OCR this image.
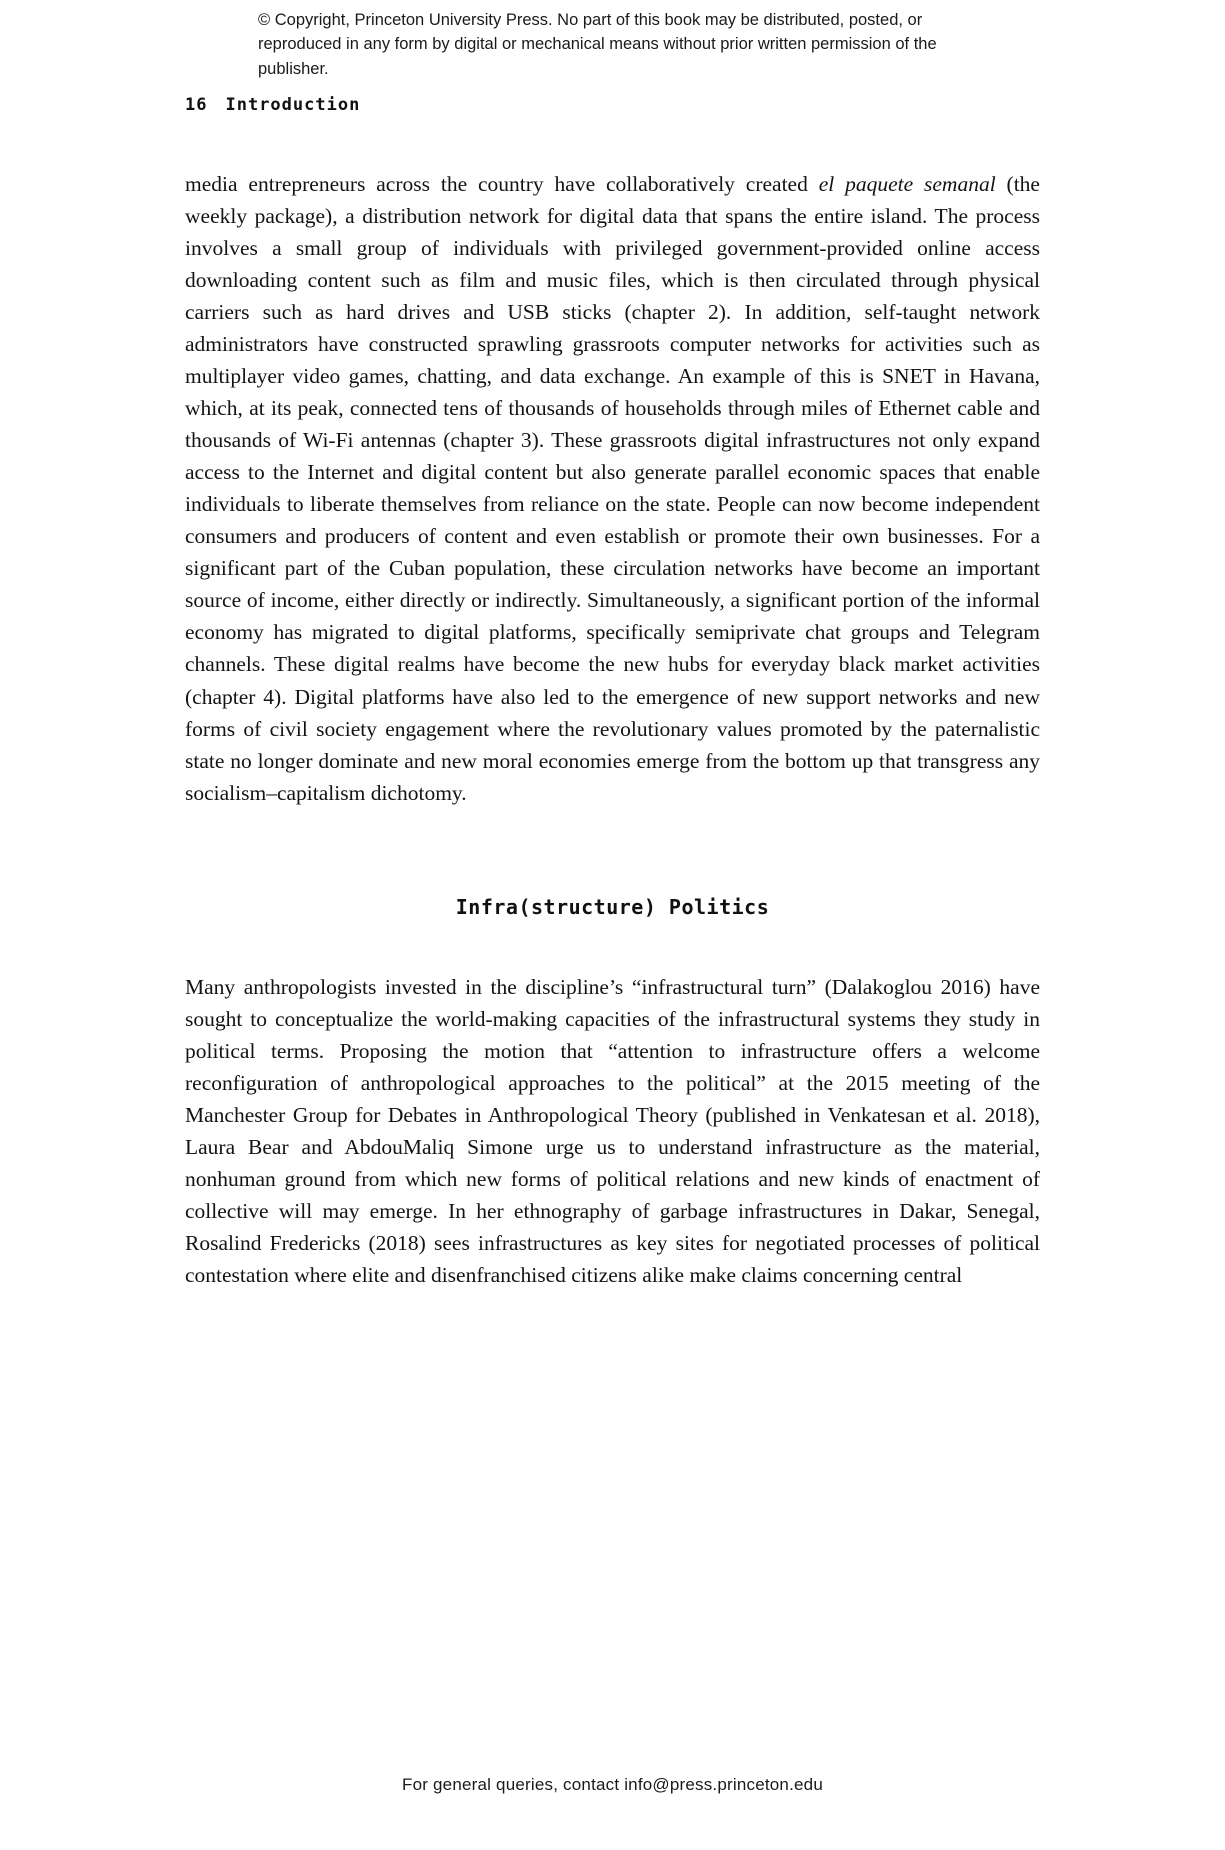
© Copyright, Princeton University Press. No part of this book may be distributed, posted, or reproduced in any form by digital or mechanical means without prior written permission of the publisher.
16 Introduction

media entrepreneurs across the country have collaboratively created el paquete semanal (the weekly package), a distribution network for digital data that spans the entire island. The process involves a small group of individuals with privileged government-provided online access downloading content such as film and music files, which is then circulated through physical carriers such as hard drives and USB sticks (chapter 2). In addition, self-taught network administrators have constructed sprawling grassroots computer networks for activities such as multiplayer video games, chatting, and data exchange. An example of this is SNET in Havana, which, at its peak, connected tens of thousands of households through miles of Ethernet cable and thousands of Wi-Fi antennas (chapter 3). These grassroots digital infrastructures not only expand access to the Internet and digital content but also generate parallel economic spaces that enable individuals to liberate themselves from reliance on the state. People can now become independent consumers and producers of content and even establish or promote their own businesses. For a significant part of the Cuban population, these circulation networks have become an important source of income, either directly or indirectly. Simultaneously, a significant portion of the informal economy has migrated to digital platforms, specifically semiprivate chat groups and Telegram channels. These digital realms have become the new hubs for everyday black market activities (chapter 4). Digital platforms have also led to the emergence of new support networks and new forms of civil society engagement where the revolutionary values promoted by the paternalistic state no longer dominate and new moral economies emerge from the bottom up that transgress any socialism–capitalism dichotomy.

Infra(structure) Politics

Many anthropologists invested in the discipline’s “infrastructural turn” (Dalakoglou 2016) have sought to conceptualize the world-making capacities of the infrastructural systems they study in political terms. Proposing the motion that “attention to infrastructure offers a welcome reconfiguration of anthropological approaches to the political” at the 2015 meeting of the Manchester Group for Debates in Anthropological Theory (published in Venkatesan et al. 2018), Laura Bear and AbdouMaliq Simone urge us to understand infrastructure as the material, nonhuman ground from which new forms of political relations and new kinds of enactment of collective will may emerge. In her ethnography of garbage infrastructures in Dakar, Senegal, Rosalind Fredericks (2018) sees infrastructures as key sites for negotiated processes of political contestation where elite and disenfranchised citizens alike make claims concerning central

For general queries, contact info@press.princeton.edu
